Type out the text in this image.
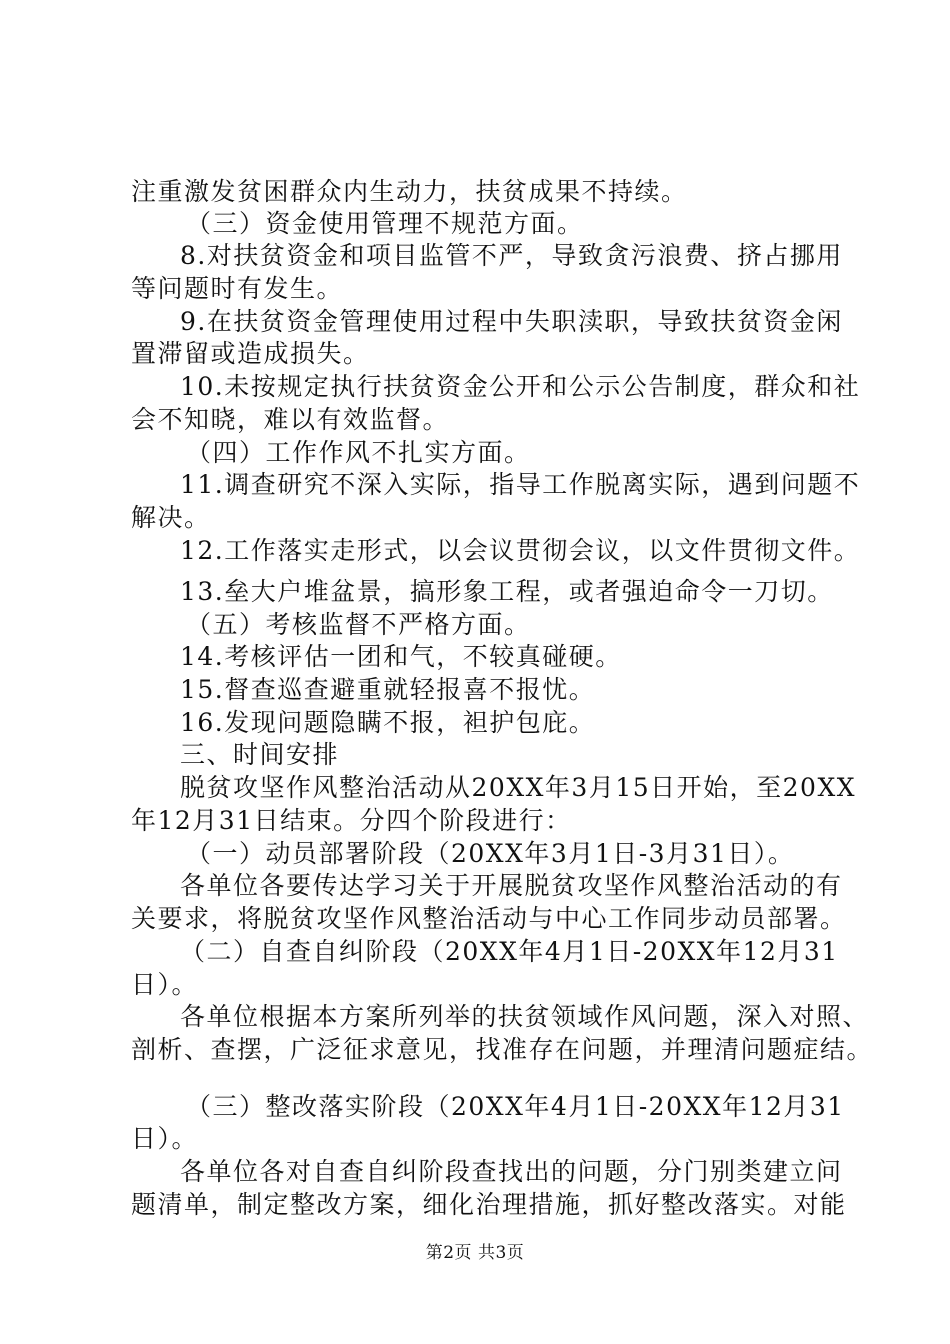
注重激发贫困群众内生动力，扶贫成果不持续。
（三）资金使用管理不规范方面。
8.对扶贫资金和项目监管不严，导致贪污浪费、挤占挪用
等问题时有发生。
9.在扶贫资金管理使用过程中失职渎职，导致扶贫资金闲
置滞留或造成损失。
10.未按规定执行扶贫资金公开和公示公告制度，群众和社
会不知晓，难以有效监督。
（四）工作作风不扎实方面。
11.调查研究不深入实际，指导工作脱离实际，遇到问题不
解决。
12.工作落实走形式，以会议贯彻会议，以文件贯彻文件。
13.垒大户堆盆景，搞形象工程，或者强迫命令一刀切。
（五）考核监督不严格方面。
14.考核评估一团和气，不较真碰硬。
15.督查巡查避重就轻报喜不报忧。
16.发现问题隐瞒不报，袒护包庇。
三、时间安排
脱贫攻坚作风整治活动从20XX年3月15日开始，至20XX
年12月31日结束。分四个阶段进行：
（一）动员部署阶段（20XX年3月1日-3月31日）。
各单位各要传达学习关于开展脱贫攻坚作风整治活动的有
关要求，将脱贫攻坚作风整治活动与中心工作同步动员部署。
（二）自查自纠阶段（20XX年4月1日-20XX年12月31
日）。
各单位根据本方案所列举的扶贫领域作风问题，深入对照、
剖析、查摆，广泛征求意见，找准存在问题，并理清问题症结。
（三）整改落实阶段（20XX年4月1日-20XX年12月31
日）。
各单位各对自查自纠阶段查找出的问题，分门别类建立问
题清单，制定整改方案，细化治理措施，抓好整改落实。对能
第2页 共3页
